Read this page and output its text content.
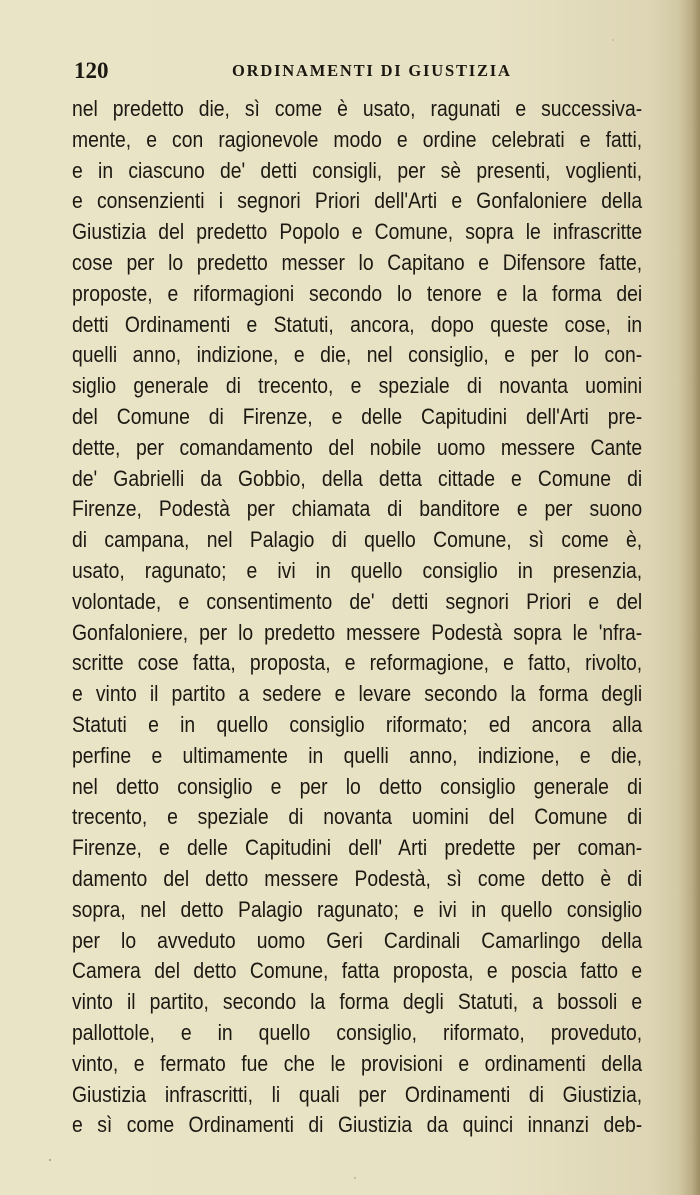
120	ORDINAMENTI DI GIUSTIZIA
nel predetto die, sì come è usato, ragunati e successiva-
mente, e con ragionevole modo e ordine celebrati e fatti,
e in ciascuno de' detti consigli, per sè presenti, voglienti,
e consenzienti i segnori Priori dell'Arti e Gonfaloniere della
Giustizia del predetto Popolo e Comune, sopra le infrascritte
cose per lo predetto messer lo Capitano e Difensore fatte,
proposte, e riformagioni secondo lo tenore e la forma dei
detti Ordinamenti e Statuti, ancora, dopo queste cose, in
quelli anno, indizione, e die, nel consiglio, e per lo con-
siglio generale di trecento, e speziale di novanta uomini
del Comune di Firenze, e delle Capitudini dell'Arti pre-
dette, per comandamento del nobile uomo messere Cante
de' Gabrielli da Gobbio, della detta cittade e Comune di
Firenze, Podestà per chiamata di banditore e per suono
di campana, nel Palagio di quello Comune, sì come è,
usato, ragunato; e ivi in quello consiglio in presenzia,
volontade, e consentimento de' detti segnori Priori e del
Gonfaloniere, per lo predetto messere Podestà sopra le 'nfra-
scritte cose fatta, proposta, e reformagione, e fatto, rivolto,
e vinto il partito a sedere e levare secondo la forma degli
Statuti e in quello consiglio riformato; ed ancora alla
perfine e ultimamente in quelli anno, indizione, e die,
nel detto consiglio e per lo detto consiglio generale di
trecento, e speziale di novanta uomini del Comune di
Firenze, e delle Capitudini dell' Arti predette per coman-
damento del detto messere Podestà, sì come detto è di
sopra, nel detto Palagio ragunato; e ivi in quello consiglio
per lo avveduto uomo Geri Cardinali Camarlingo della
Camera del detto Comune, fatta proposta, e poscia fatto e
vinto il partito, secondo la forma degli Statuti, a bossoli e
pallottole, e in quello consiglio, riformato, proveduto,
vinto, e fermato fue che le provisioni e ordinamenti della
Giustizia infrascritti, li quali per Ordinamenti di Giustizia,
e sì come Ordinamenti di Giustizia da quinci innanzi deb-
